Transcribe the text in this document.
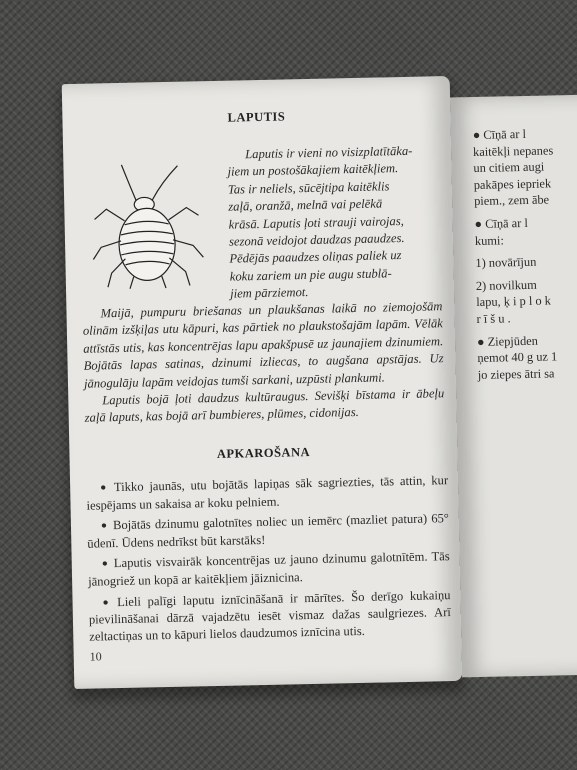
LAPUTIS

Laputis ir vieni no visizplatītāka-

jiem un postošākajiem kaitēkļiem.

Tas ir neliels, sūcējtipa kaitēklis

zaļā, oranžā, melnā vai pelēkā

krāsā. Laputis ļoti strauji vairojas,

sezonā veidojot daudzas paaudzes.

Pēdējās paaudzes oliņas paliek uz

koku zariem un pie augu stublā-

jiem pārziemot.

Maijā, pumpuru briešanas un plaukšanas laikā no ziemojošām olinām izšķiļas utu kāpuri, kas pārtiek no plaukstošajām lapām. Vēlāk attīstās utis, kas koncentrējas lapu apakšpusē uz jaunajiem dzinumiem. Bojātās lapas satinas, dzinumi izliecas, to augšana apstājas. Uz jānogulāju lapām veidojas tumši sarkani, uzpūsti plankumi.

Laputis bojā ļoti daudzus kultūraugus. Sevišķi bīstama ir ābeļu zaļā laputs, kas bojā arī bumbieres, plūmes, cidonijas.

APKAROŠANA

● Tikko jaunās, utu bojātās lapiņas sāk sagriezties, tās attin, kur iespējams un sakaisa ar koku pelniem.

● Bojātās dzinumu galotnītes noliec un iemērc (mazliet patura) 65° ūdenī. Ūdens nedrīkst būt karstāks!

● Laputis visvairāk koncentrējas uz jauno dzinumu galotnītēm. Tās jānogriež un kopā ar kaitēkļiem jāiznicina.

● Lieli palīgi laputu iznīcināšanā ir mārītes. Šo derīgo kukaiņu pievilināšanai dārzā vajadzētu iesēt vismaz dažas saulgriezes. Arī zeltactiņas un to kāpuri lielos daudzumos iznīcina utis.

10

● Cīņā ar l

kaitēkļi nepanes

un citiem augi

pakāpes iepriek

piem., zem ābe

● Cīņā ar l

kumi:

1) novārījun

2) novilkum

lapu, ķ i p l o k

r ī š u .

● Ziepjūden

ņemot 40 g uz 1

jo ziepes ātri sa
